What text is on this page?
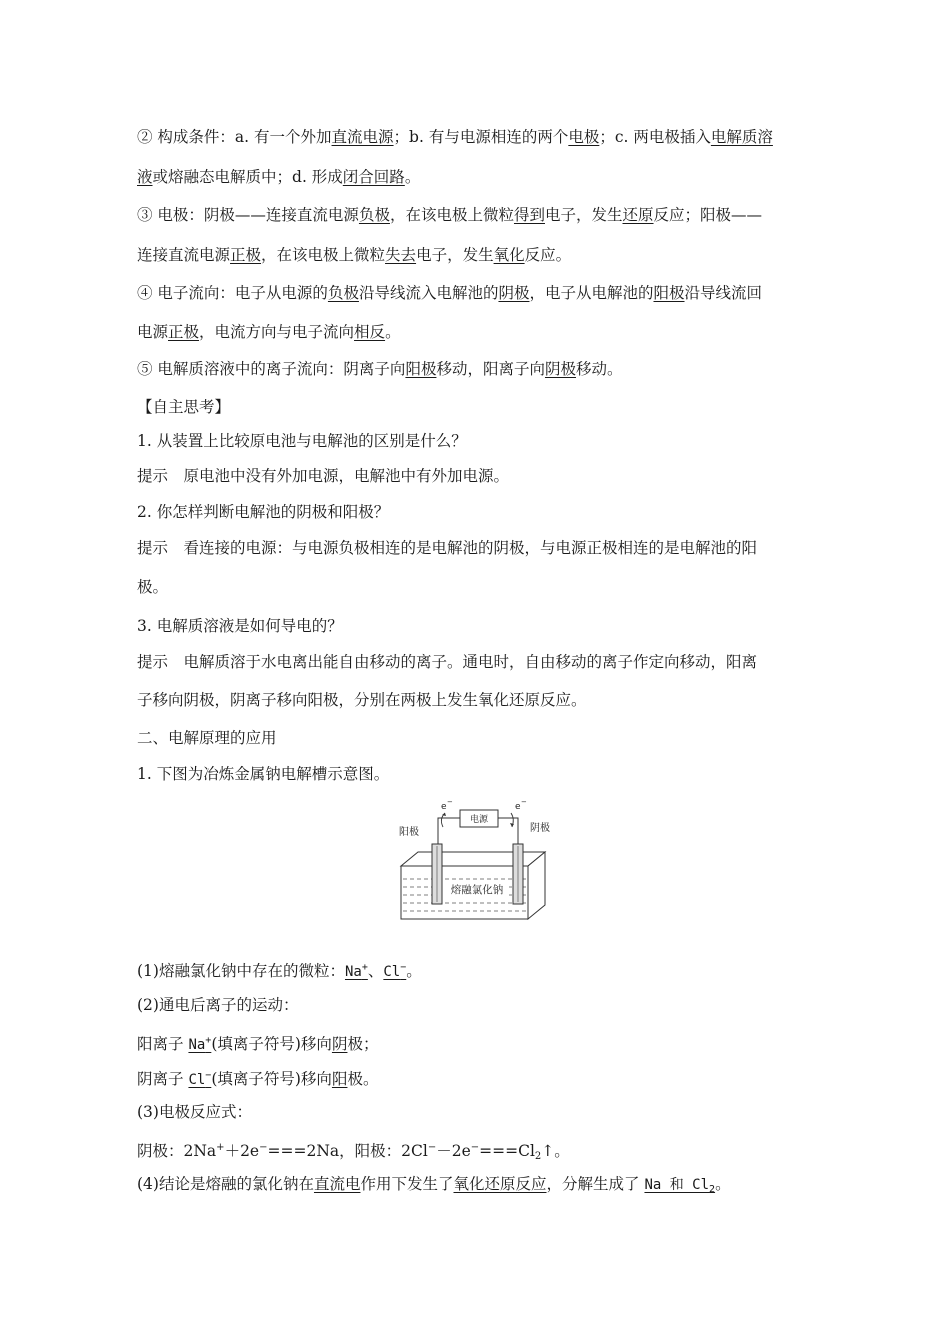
② 构成条件：a. 有一个外加直流电源；b. 有与电源相连的两个电极；c. 两电极插入电解质溶
液或熔融态电解质中；d. 形成闭合回路。
③ 电极：阴极——连接直流电源负极，在该电极上微粒得到电子，发生还原反应；阳极——
连接直流电源正极，在该电极上微粒失去电子，发生氧化反应。
④ 电子流向：电子从电源的负极沿导线流入电解池的阴极，电子从电解池的阳极沿导线流回
电源正极，电流方向与电子流向相反。
⑤ 电解质溶液中的离子流向：阴离子向阳极移动，阳离子向阴极移动。
【自主思考】
1. 从装置上比较原电池与电解池的区别是什么？
提示　原电池中没有外加电源，电解池中有外加电源。
2. 你怎样判断电解池的阴极和阳极？
提示　看连接的电源：与电源负极相连的是电解池的阴极，与电源正极相连的是电解池的阳
极。
3. 电解质溶液是如何导电的？
提示　电解质溶于水电离出能自由移动的离子。通电时，自由移动的离子作定向移动，阳离
子移向阴极，阴离子移向阳极，分别在两极上发生氧化还原反应。
二、电解原理的应用
1. 下图为冶炼金属钠电解槽示意图。
电源
e −	e −
阳极	阴极
熔融氯化钠
(1)熔融氯化钠中存在的微粒：Na+、Cl−。
(2)通电后离子的运动：
阳离子 Na+(填离子符号)移向阴极；
阴离子 Cl−(填离子符号)移向阳极。
(3)电极反应式：
阴极：2Na+＋2e−===2Na，阳极：$2Cl^--2e^-===Cl_2↑$。
(4)结论是熔融的氯化钠在直流电作用下发生了氧化还原反应，分解生成了 Na 和 $Cl_2$。
